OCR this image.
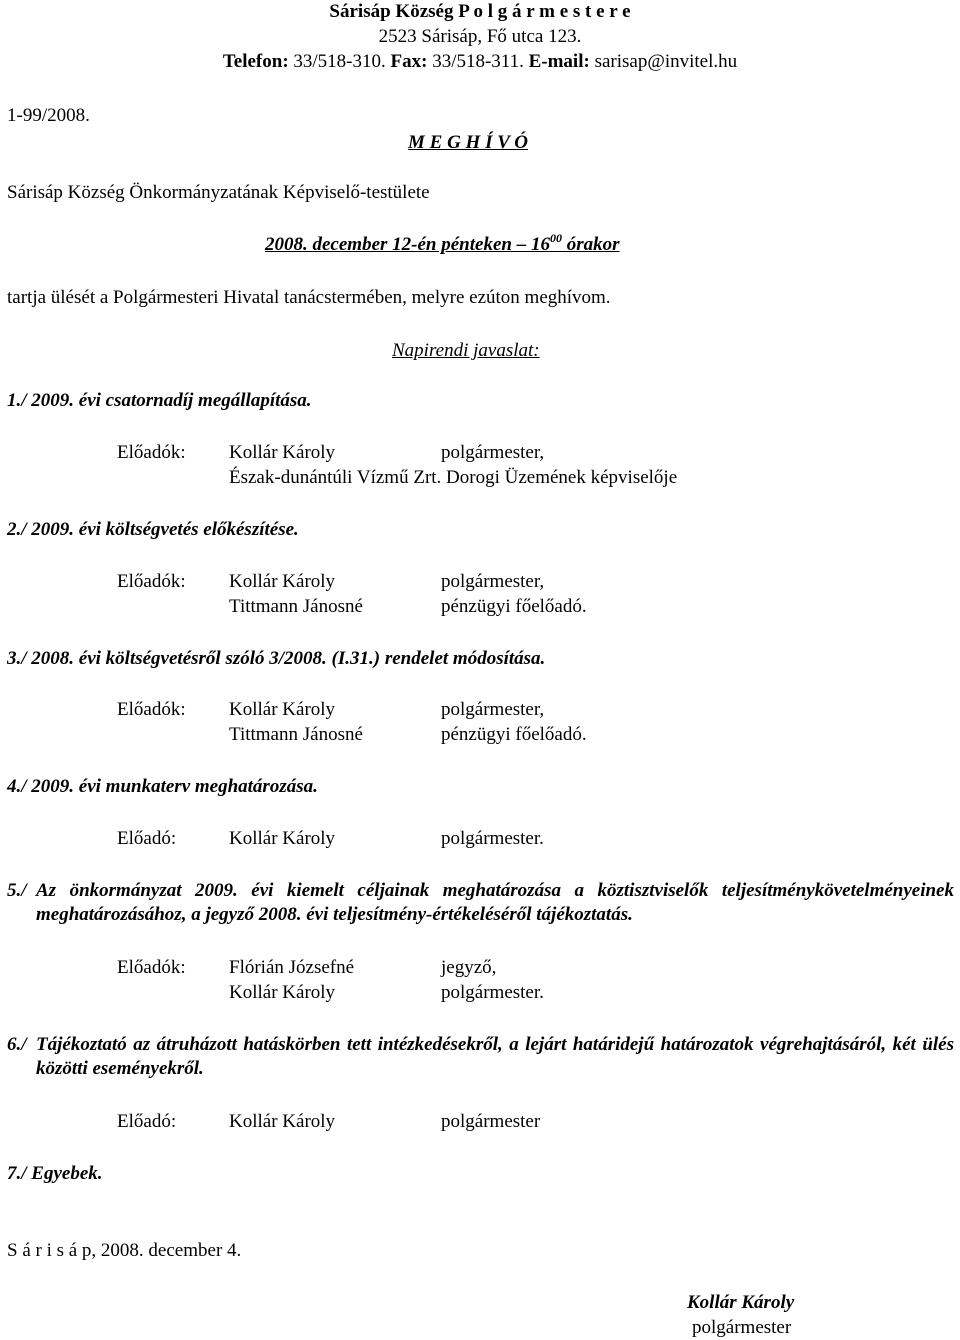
Sárisáp Község P o l g á r m e s t e r e
2523 Sárisáp, Fő utca 123.
Telefon: 33/518-310. Fax: 33/518-311. E-mail: sarisap@invitel.hu
1-99/2008.
M E G H Í V Ó
Sárisáp Község Önkormányzatának Képviselő-testülete
2008. december 12-én pénteken – $16^{00}$ órakor
tartja ülését a Polgármesteri Hivatal tanácstermében, melyre ezúton meghívom.
Napirendi javaslat:
1./ 2009. évi csatornadíj megállapítása.
Előadók: Kollár Károly	polgármester,
Észak-dunántúli Vízmű Zrt. Dorogi Üzemének képviselője
2./ 2009. évi költségvetés előkészítése.
Előadók: Kollár Károly	polgármester,
Tittmann Jánosné	pénzügyi főelőadó.
3./ 2008. évi költségvetésről szóló 3/2008. (I.31.) rendelet módosítása.
Előadók: Kollár Károly	polgármester,
Tittmann Jánosné	pénzügyi főelőadó.
4./ 2009. évi munkaterv meghatározása.
Előadó:	Kollár Károly	polgármester.
5./ Az önkormányzat 2009. évi kiemelt céljainak meghatározása a köztisztviselők teljesítménykövetelményeinek meghatározásához, a jegyző 2008. évi teljesítmény-értékeléséről tájékoztatás.
Előadók: Flórián Józsefné	jegyző,
Kollár Károly	polgármester.
6./ Tájékoztató az átruházott hatáskörben tett intézkedésekről, a lejárt határidejű határozatok végrehajtásáról, két ülés közötti eseményekről.
Előadó:	Kollár Károly	polgármester
7./ Egyebek.
S á r i s á p, 2008. december 4.
Kollár Károly
polgármester
